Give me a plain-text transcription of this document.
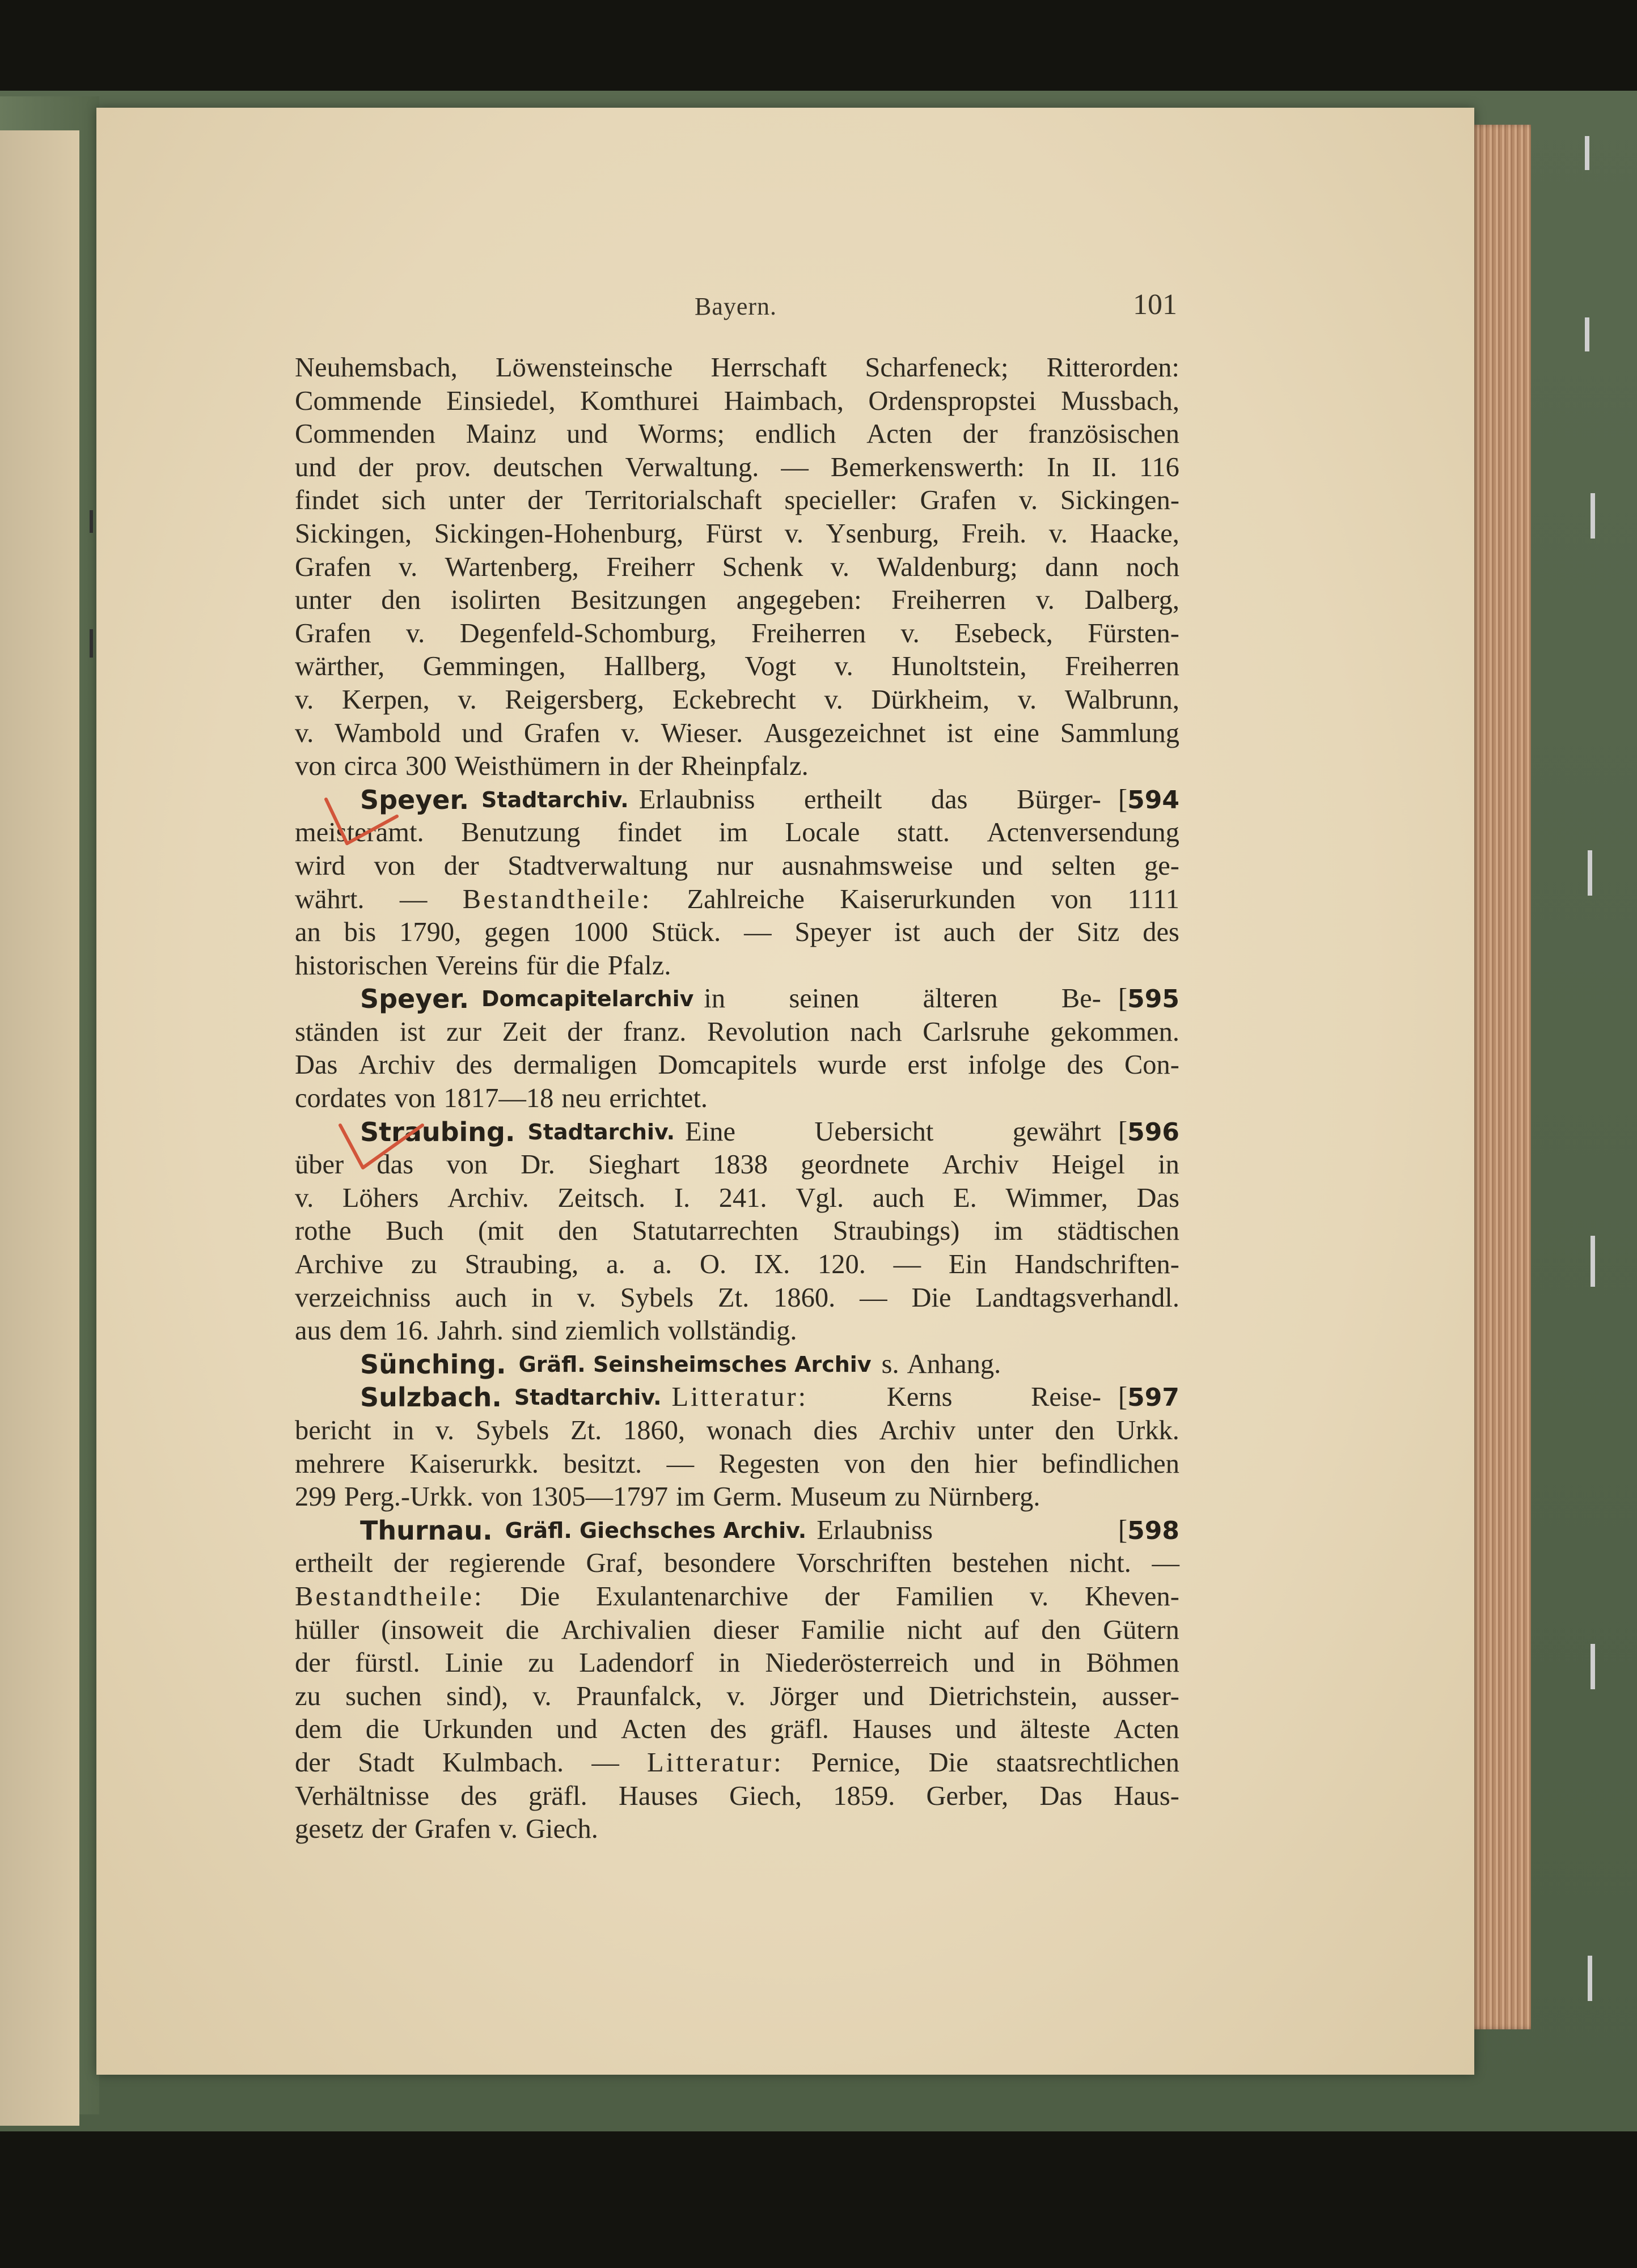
Bayern.	101
Neuhemsbach, Löwensteinsche Herrschaft Scharfeneck; Ritterorden:
Commende Einsiedel, Komthurei Haimbach, Ordenspropstei Mussbach,
Commenden Mainz und Worms; endlich Acten der französischen
und der prov. deutschen Verwaltung. — Bemerkenswerth: In II. 116
findet sich unter der Territorialschaft specieller: Grafen v. Sickingen-
Sickingen, Sickingen-Hohenburg, Fürst v. Ysenburg, Freih. v. Haacke,
Grafen v. Wartenberg, Freiherr Schenk v. Waldenburg; dann noch
unter den isolirten Besitzungen angegeben: Freiherren v. Dalberg,
Grafen v. Degenfeld-Schomburg, Freiherren v. Esebeck, Fürsten-
wärther, Gemmingen, Hallberg, Vogt v. Hunoltstein, Freiherren
v. Kerpen, v. Reigersberg, Eckebrecht v. Dürkheim, v. Walbrunn,
v. Wambold und Grafen v. Wieser. Ausgezeichnet ist eine Sammlung
von circa 300 Weisthümern in der Rheinpfalz.
Speyer. Stadtarchiv. Erlaubniss ertheilt das Bürger- [594
meisteramt. Benutzung findet im Locale statt. Actenversendung
wird von der Stadtverwaltung nur ausnahmsweise und selten ge-
währt. — Bestandtheile: Zahlreiche Kaiserurkunden von 1111
an bis 1790, gegen 1000 Stück. — Speyer ist auch der Sitz des
historischen Vereins für die Pfalz.
Speyer. Domcapitelarchiv in seinen älteren Be- [595
ständen ist zur Zeit der franz. Revolution nach Carlsruhe gekommen.
Das Archiv des dermaligen Domcapitels wurde erst infolge des Con-
cordates von 1817—18 neu errichtet.
Straubing. Stadtarchiv. Eine	Uebersicht	gewährt [596
über das von Dr. Sieghart 1838 geordnete Archiv Heigel in
v. Löhers Archiv. Zeitsch. I. 241. Vgl. auch E. Wimmer, Das
rothe Buch (mit den Statutarrechten Straubings) im städtischen
Archive zu Straubing, a. a. O. IX. 120. — Ein Handschriften-
verzeichniss auch in v. Sybels Zt. 1860. — Die Landtagsverhandl.
aus dem 16. Jahrh. sind ziemlich vollständig.
Sünching. Gräfl. Seinsheimsches Archiv s. Anhang.
Sulzbach. Stadtarchiv. Litteratur:	Kerns	Reise- [597
bericht in v. Sybels Zt. 1860, wonach dies Archiv unter den Urkk.
mehrere Kaiserurkk. besitzt. — Regesten von den hier befindlichen
299 Perg.-Urkk. von 1305—1797 im Germ. Museum zu Nürnberg.
Thurnau. Gräfl. Giechsches Archiv. Erlaubniss	[598
ertheilt der regierende Graf, besondere Vorschriften bestehen nicht. —
Bestandtheile: Die Exulantenarchive der Familien v. Kheven-
hüller (insoweit die Archivalien dieser Familie nicht auf den Gütern
der fürstl. Linie zu Ladendorf in Niederösterreich und in Böhmen
zu suchen sind), v. Praunfalck, v. Jörger und Dietrichstein, ausser-
dem die Urkunden und Acten des gräfl. Hauses und älteste Acten
der Stadt Kulmbach. — Litteratur: Pernice, Die staatsrechtlichen
Verhältnisse des gräfl. Hauses Giech, 1859. Gerber, Das Haus-
gesetz der Grafen v. Giech.
